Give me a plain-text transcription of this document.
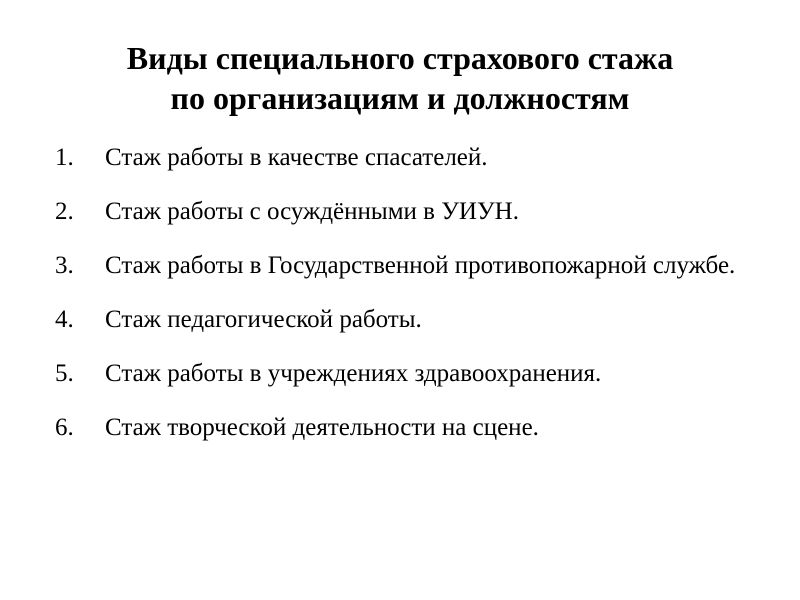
Виды специального страхового стажа
по организациям и должностям
1.	Стаж работы в качестве спасателей.
2.	Стаж работы с осуждёнными в УИУН.
3.	Стаж работы в Государственной противопожарной службе.
4.	Стаж педагогической работы.
5.	Стаж работы в учреждениях здравоохранения.
6.	Стаж творческой деятельности на сцене.
